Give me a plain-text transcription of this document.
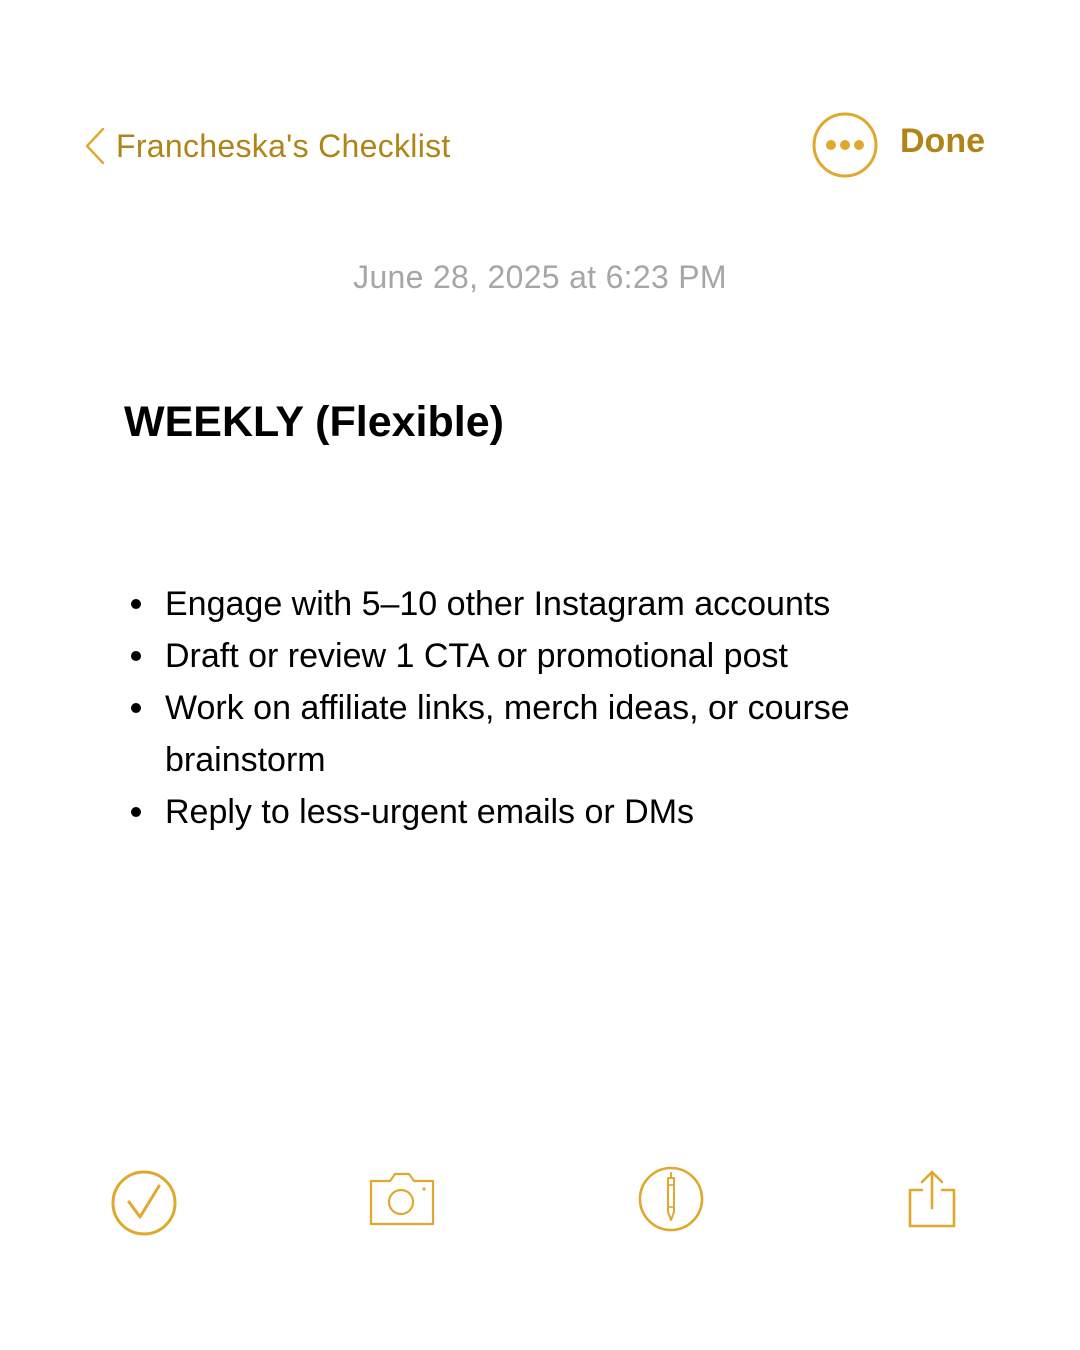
Francheska's Checklist	Done
June 28, 2025 at 6:23 PM
WEEKLY (Flexible)
Engage with 5–10 other Instagram accounts
Draft or review 1 CTA or promotional post
Work on affiliate links, merch ideas, or course brainstorm
Reply to less-urgent emails or DMs
